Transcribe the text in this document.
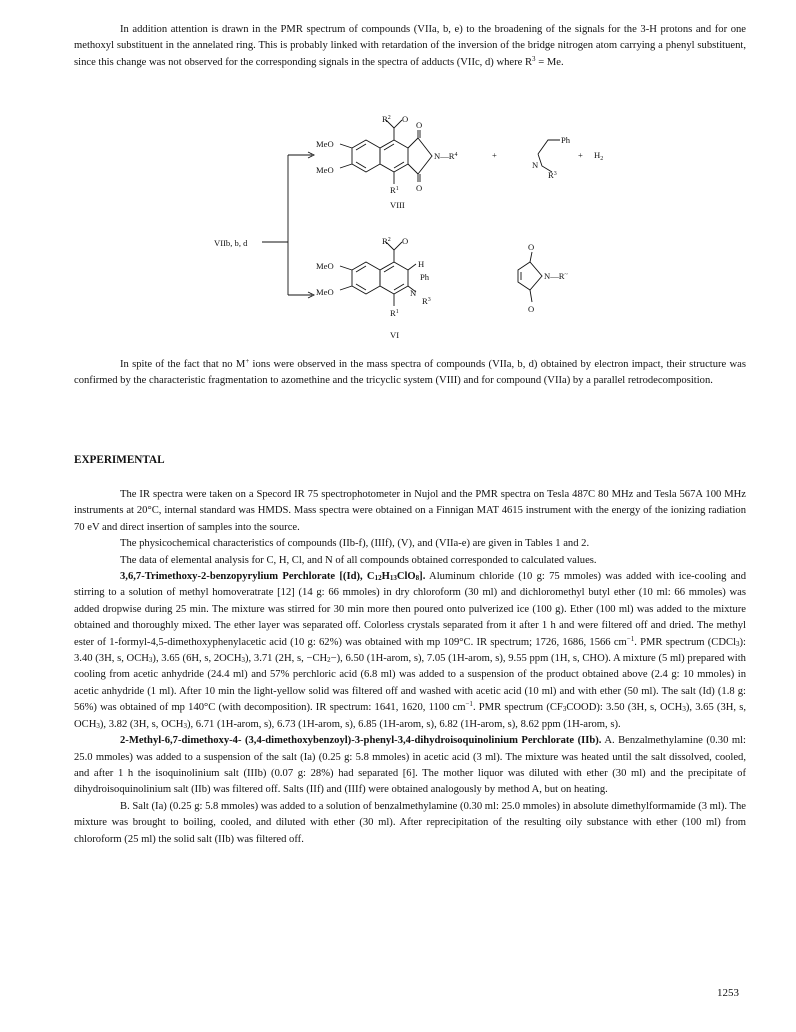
In addition attention is drawn in the PMR spectrum of compounds (VIIa, b, e) to the broadening of the signals for the 3-H protons and for one methoxyl substituent in the annelated ring. This is probably linked with retardation of the inversion of the bridge nitrogen atom carrying a phenyl substituent, since this change was not observed for the corresponding signals in the spectra of adducts (VIIc, d) where $R^3 = Me$.

VIIb, b, d
$R^2$ O
MeO
MeO
O
O
$N—R^4$
$R^1$
VIII
+
Ph
N
$R^3$
+ $H_2$
$R^2$ O
MeO
MeO
H
Ph
N
$R^3$
$R^1$
VI
O
O
N—R~

In spite of the fact that no M+ ions were observed in the mass spectra of compounds (VIIa, b, d) obtained by electron impact, their structure was confirmed by the characteristic fragmentation to azomethine and the tricyclic system (VIII) and for compound (VIIa) by a parallel retrodecomposition.

EXPERIMENTAL

The IR spectra were taken on a Specord IR 75 spectrophotometer in Nujol and the PMR spectra on Tesla 487C 80 MHz and Tesla 567A 100 MHz instruments at 20°C, internal standard was HMDS. Mass spectra were obtained on a Finnigan MAT 4615 instrument with the energy of the ionizing radiation 70 eV and direct insertion of samples into the source.

The physicochemical characteristics of compounds (IIb-f), (IIIf), (V), and (VIIa-e) are given in Tables 1 and 2.

The data of elemental analysis for C, H, Cl, and N of all compounds obtained corresponded to calculated values.

3,6,7-Trimethoxy-2-benzopyrylium Perchlorate [(Id), $C_{12}H_{13}ClO_8$]. Aluminum chloride (10 g: 75 mmoles) was added with ice-cooling and stirring to a solution of methyl homoveratrate [12] (14 g: 66 mmoles) in dry chloroform (30 ml) and dichloromethyl butyl ether (10 ml: 66 mmoles) was added dropwise during 25 min. The mixture was stirred for 30 min more then poured onto pulverized ice (100 g). Ether (100 ml) was added to the mixture obtained and thoroughly mixed. The ether layer was separated off. Colorless crystals separated from it after 1 h and were filtered off and dried. The methyl ester of 1-formyl-4,5-dimethoxyphenylacetic acid (10 g: 62%) was obtained with mp 109°C. IR spectrum; 1726, 1686, 1566 $cm^{-1}$. PMR spectrum (CDCl$_3$): 3.40 (3H, s, $OCH_3$), 3.65 (6H, s, $2OCH_3$), 3.71 (2H, s, $-CH_2-$), 6.50 (1H-arom, s), 7.05 (1H-arom, s), 9.55 ppm (1H, s, CHO). A mixture (5 ml) prepared with cooling from acetic anhydride (24.4 ml) and 57% perchloric acid (6.8 ml) was added to a suspension of the product obtained above (2.4 g: 10 mmoles) in acetic anhydride (1 ml). After 10 min the light-yellow solid was filtered off and washed with acetic acid (10 ml) and with ether (50 ml). The salt (Id) (1.8 g: 56%) was obtained of mp 140°C (with decomposition). IR spectrum: 1641, 1620, 1100 $cm^{-1}$. PMR spectrum $(CF_3COOD)$: 3.50 (3H, s, $OCH_3$), 3.65 (3H, s, $OCH_3$), 3.82 (3H, s, $OCH_3$), 6.71 (1H-arom, s), 6.73 (1H-arom, s), 6.85 (1H-arom, s), 6.82 (1H-arom, s), 8.62 ppm (1H-arom, s).

2-Methyl-6,7-dimethoxy-4- (3,4-dimethoxybenzoyl)-3-phenyl-3,4-dihydroisoquinolinium Perchlorate (IIb). A. Benzalmethylamine (0.30 ml: 25.0 mmoles) was added to a suspension of the salt (Ia) (0.25 g: 5.8 mmoles) in acetic acid (3 ml). The mixture was heated until the salt dissolved, cooled, and after 1 h the isoquinolinium salt (IIIb) (0.07 g: 28%) had separated [6]. The mother liquor was diluted with ether (30 ml) and the precipitate of dihydroisoquinolinium salt (IIb) was filtered off. Salts (IIf) and (IIIf) were obtained analogously by method A, but on heating.

B. Salt (Ia) (0.25 g: 5.8 mmoles) was added to a solution of benzalmethylamine (0.30 ml: 25.0 mmoles) in absolute dimethylformamide (3 ml). The mixture was brought to boiling, cooled, and diluted with ether (30 ml). After reprecipitation of the resulting oily substance with ether (100 ml) from chloroform (25 ml) the solid salt (IIb) was filtered off.

1253
